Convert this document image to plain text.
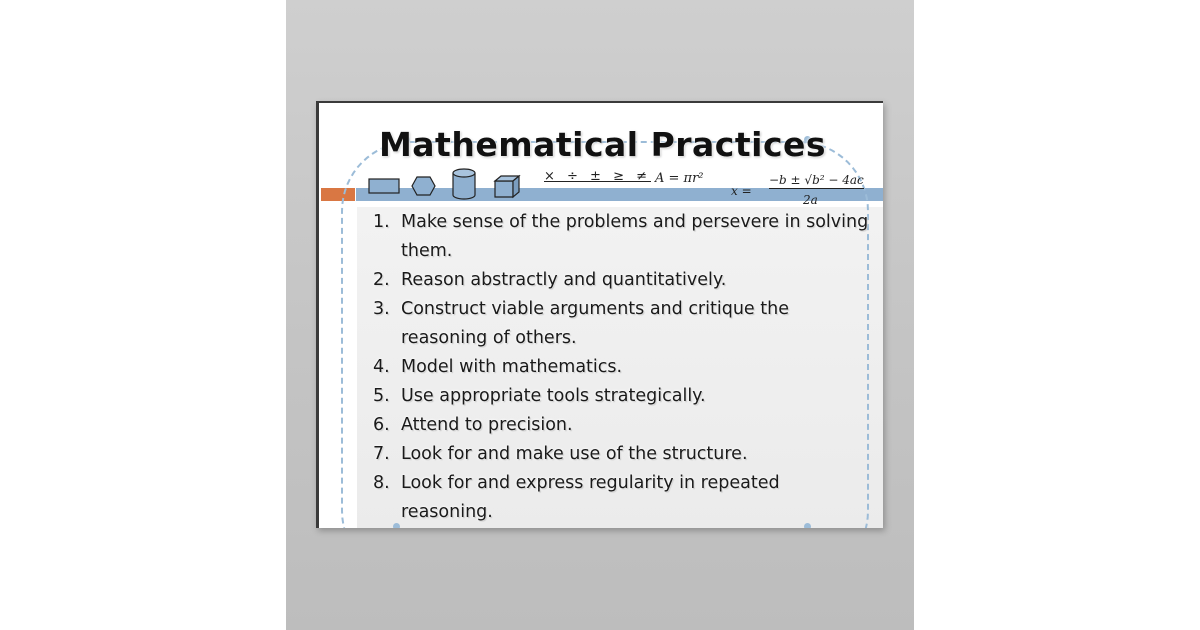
Mathematical Practices
× ÷ ± ≥ ≠ A = πr²
x =
−b ± √b² − 4ac
2a
1. Make sense of the problems and persevere in solving them.
2. Reason abstractly and quantitatively.
3. Construct viable arguments and critique the reasoning of others.
4. Model with mathematics.
5. Use appropriate tools strategically.
6. Attend to precision.
7. Look for and make use of the structure.
8. Look for and express regularity in repeated reasoning.
